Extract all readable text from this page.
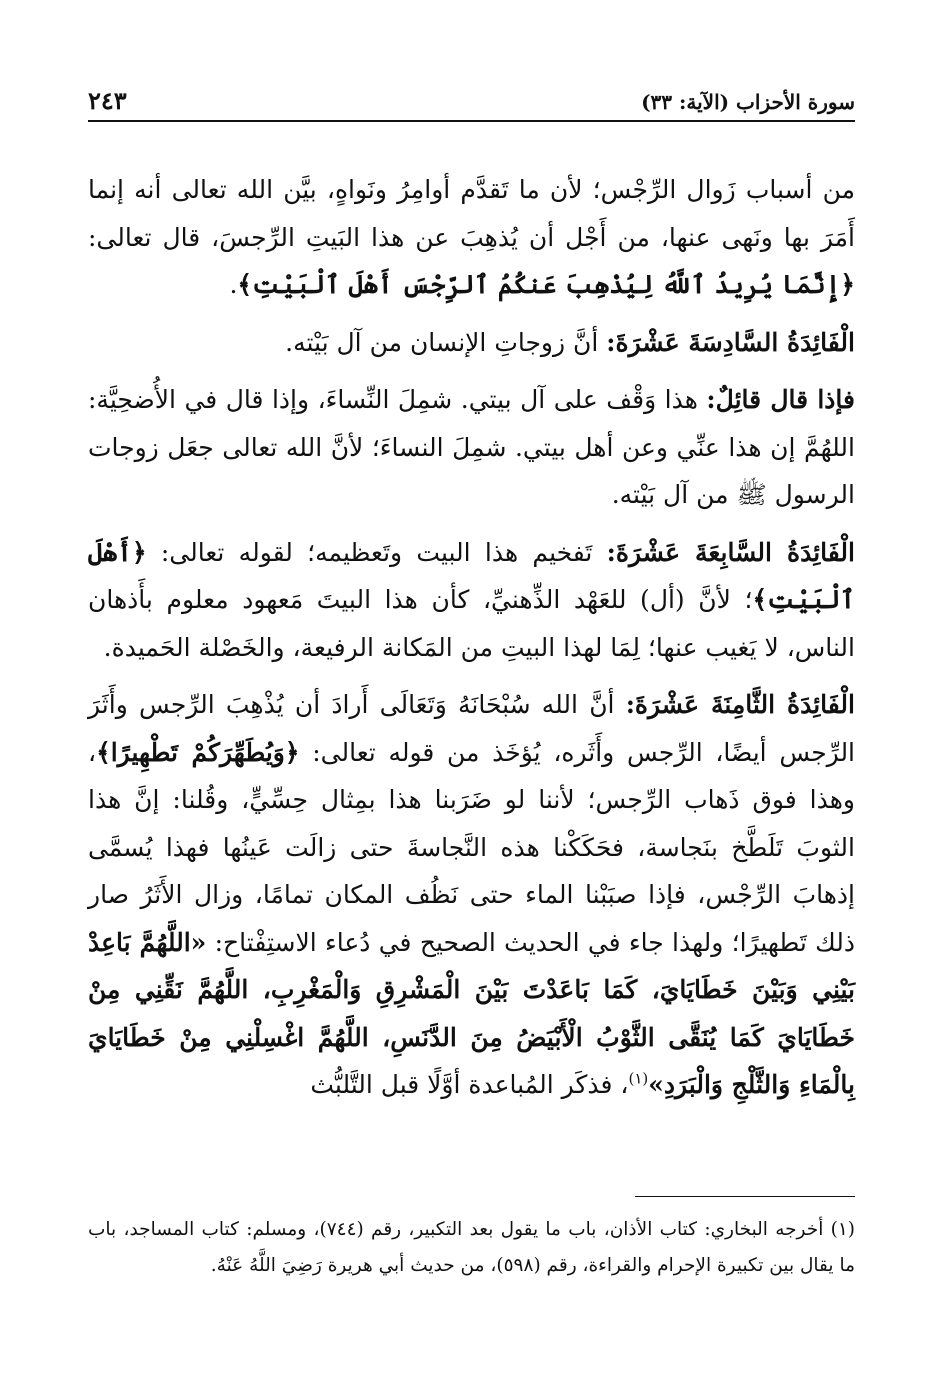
سورة الأحزاب (الآية: ٣٣)
٢٤٣

من أسباب زَوال الرِّجْس؛ لأن ما تَقدَّم أوامِرُ ونَواهٍ، بيَّن الله تعالى أنه إنما أَمَرَ بها ونَهى عنها، من أَجْل أن يُذهِبَ عن هذا البَيتِ الرِّجسَ، قال تعالى: ﴿إِنَّمَا يُرِيدُ ٱللَّهُ لِيُذْهِبَ عَنكُمُ ٱلرِّجْسَ أَهْلَ ٱلْبَيْتِ﴾.

الْفَائِدَةُ السَّادِسَةَ عَشْرَةَ: أنَّ زوجاتِ الإنسان من آل بَيْته.

فإذا قال قائِلٌ: هذا وَقْف على آل بيتي. شمِلَ النِّساءَ، وإذا قال في الأُضحِيَّة: اللهُمَّ إن هذا عنِّي وعن أهل بيتي. شمِلَ النساءَ؛ لأنَّ الله تعالى جعَل زوجات الرسول ﷺ من آل بَيْته.

الْفَائِدَةُ السَّابِعَةَ عَشْرَةَ: تَفخيم هذا البيت وتَعظيمه؛ لقوله تعالى: ﴿أَهْلَ ٱلْبَيْتِ﴾؛ لأنَّ (أل) للعَهْد الذِّهنيِّ، كأن هذا البيتَ مَعهود معلوم بأَذهان الناس، لا يَغيب عنها؛ لِمَا لهذا البيتِ من المَكانة الرفيعة، والخَصْلة الحَميدة.

الْفَائِدَةُ الثَّامِنَةَ عَشْرَةَ: أنَّ الله سُبْحَانَهُ وَتَعَالَى أَرادَ أن يُذْهِبَ الرِّجس وأَثَرَ الرِّجس أيضًا، الرِّجس وأَثَره، يُؤخَذ من قوله تعالى: ﴿وَيُطَهِّرَكُمْ تَطْهِيرًا﴾، وهذا فوق ذَهاب الرِّجس؛ لأننا لو ضَرَبنا هذا بمِثال حِسِّيٍّ، وقُلنا: إنَّ هذا الثوبَ تَلَطَّخ بنَجاسة، فحَكَكْنا هذه النَّجاسةَ حتى زالَت عَينُها فهذا يُسمَّى إذهابَ الرِّجْس، فإذا صبَبْنا الماء حتى نَظُف المكان تمامًا، وزال الأَثَرُ صار ذلك تَطهيرًا؛ ولهذا جاء في الحديث الصحيح في دُعاء الاستِفْتاح: «اللَّهُمَّ بَاعِدْ بَيْنِي وَبَيْنَ خَطَايَايَ، كَمَا بَاعَدْتَ بَيْنَ الْمَشْرِقِ وَالْمَغْرِبِ، اللَّهُمَّ نَقِّنِي مِنْ خَطَايَايَ كَمَا يُنَقَّى الثَّوْبُ الْأَبْيَضُ مِنَ الدَّنَسِ، اللَّهُمَّ اغْسِلْنِي مِنْ خَطَايَايَ بِالْمَاءِ وَالثَّلْجِ وَالْبَرَدِ»$^{(١)}$، فذكَر المُباعدة أوَّلًا قبل التَّلبُّث

(١) أخرجه البخاري: كتاب الأذان، باب ما يقول بعد التكبير، رقم (٧٤٤)، ومسلم: كتاب المساجد، باب ما يقال بين تكبيرة الإحرام والقراءة، رقم (٥٩٨)، من حديث أبي هريرة رَضِيَ اللَّهُ عَنْهُ.
